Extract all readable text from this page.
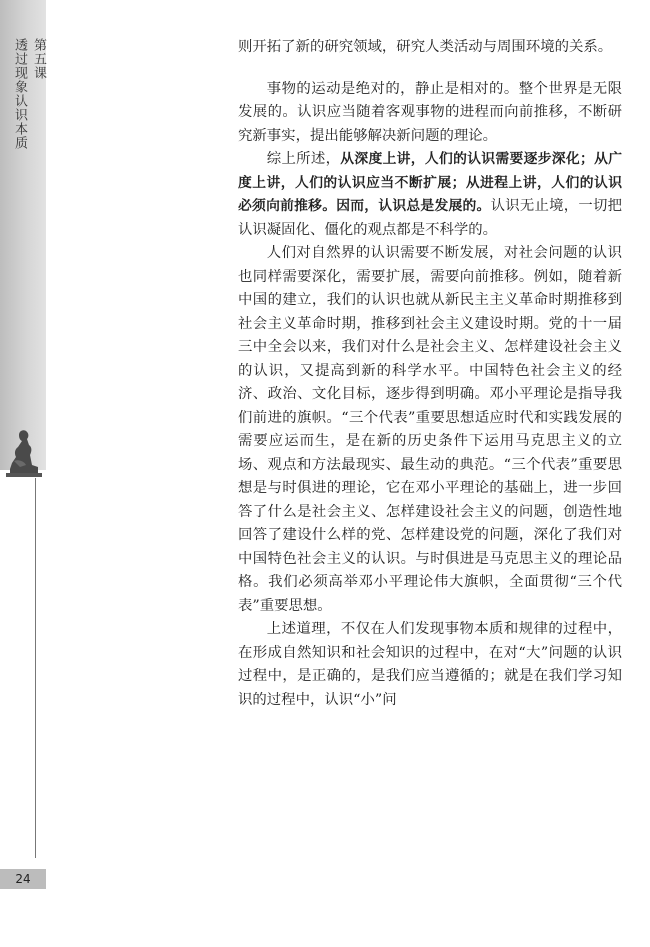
第五课
透过现象认识本质
24

则开拓了新的研究领域，研究人类活动与周围环境的关系。

事物的运动是绝对的，静止是相对的。整个世界是无限发展的。认识应当随着客观事物的进程而向前推移，不断研究新事实，提出能够解决新问题的理论。

综上所述，从深度上讲，人们的认识需要逐步深化；从广度上讲，人们的认识应当不断扩展；从进程上讲，人们的认识必须向前推移。因而，认识总是发展的。认识无止境，一切把认识凝固化、僵化的观点都是不科学的。

人们对自然界的认识需要不断发展，对社会问题的认识也同样需要深化，需要扩展，需要向前推移。例如，随着新中国的建立，我们的认识也就从新民主主义革命时期推移到社会主义革命时期，推移到社会主义建设时期。党的十一届三中全会以来，我们对什么是社会主义、怎样建设社会主义的认识，又提高到新的科学水平。中国特色社会主义的经济、政治、文化目标，逐步得到明确。邓小平理论是指导我们前进的旗帜。“三个代表”重要思想适应时代和实践发展的需要应运而生，是在新的历史条件下运用马克思主义的立场、观点和方法最现实、最生动的典范。“三个代表”重要思想是与时俱进的理论，它在邓小平理论的基础上，进一步回答了什么是社会主义、怎样建设社会主义的问题，创造性地回答了建设什么样的党、怎样建设党的问题，深化了我们对中国特色社会主义的认识。与时俱进是马克思主义的理论品格。我们必须高举邓小平理论伟大旗帜，全面贯彻“三个代表”重要思想。

上述道理，不仅在人们发现事物本质和规律的过程中，在形成自然知识和社会知识的过程中，在对“大”问题的认识过程中，是正确的，是我们应当遵循的；就是在我们学习知识的过程中，认识“小”问
